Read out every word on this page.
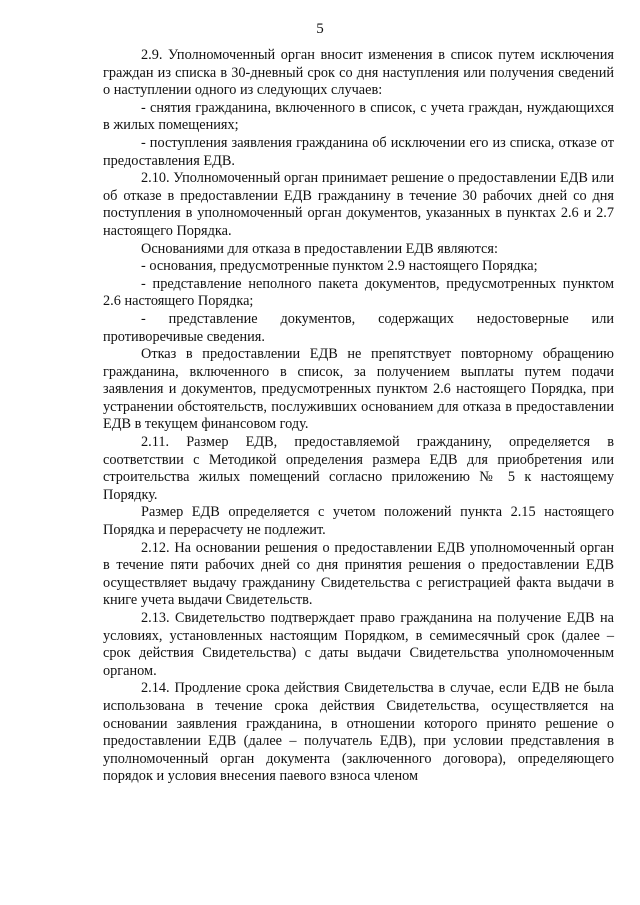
5

2.9. Уполномоченный орган вносит изменения в список путем исключения граждан из списка в 30-дневный срок со дня наступления или получения сведений о наступлении одного из следующих случаев:

- снятия гражданина, включенного в список, с учета граждан, нуждающихся в жилых помещениях;

- поступления заявления гражданина об исключении его из списка, отказе от предоставления ЕДВ.

2.10. Уполномоченный орган принимает решение о предоставлении ЕДВ или об отказе в предоставлении ЕДВ гражданину в течение 30 рабочих дней со дня поступления в уполномоченный орган документов, указанных в пунктах 2.6 и 2.7 настоящего Порядка.

Основаниями для отказа в предоставлении ЕДВ являются:

- основания, предусмотренные пунктом 2.9 настоящего Порядка;

- представление неполного пакета документов, предусмотренных пунктом 2.6 настоящего Порядка;

- представление документов, содержащих недостоверные или противоречивые сведения.

Отказ в предоставлении ЕДВ не препятствует повторному обращению гражданина, включенного в список, за получением выплаты путем подачи заявления и документов, предусмотренных пунктом 2.6 настоящего Порядка, при устранении обстоятельств, послуживших основанием для отказа в предоставлении ЕДВ в текущем финансовом году.

2.11. Размер ЕДВ, предоставляемой гражданину, определяется в соответствии с Методикой определения размера ЕДВ для приобретения или строительства жилых помещений согласно приложению № 5 к настоящему Порядку.

Размер ЕДВ определяется с учетом положений пункта 2.15 настоящего Порядка и перерасчету не подлежит.

2.12. На основании решения о предоставлении ЕДВ уполномоченный орган в течение пяти рабочих дней со дня принятия решения о предоставлении ЕДВ осуществляет выдачу гражданину Свидетельства с регистрацией факта выдачи в книге учета выдачи Свидетельств.

2.13. Свидетельство подтверждает право гражданина на получение ЕДВ на условиях, установленных настоящим Порядком, в семимесячный срок (далее – срок действия Свидетельства) с даты выдачи Свидетельства уполномоченным органом.

2.14. Продление срока действия Свидетельства в случае, если ЕДВ не была использована в течение срока действия Свидетельства, осуществляется на основании заявления гражданина, в отношении которого принято решение о предоставлении ЕДВ (далее – получатель ЕДВ), при условии представления в уполномоченный орган документа (заключенного договора), определяющего порядок и условия внесения паевого взноса членом
